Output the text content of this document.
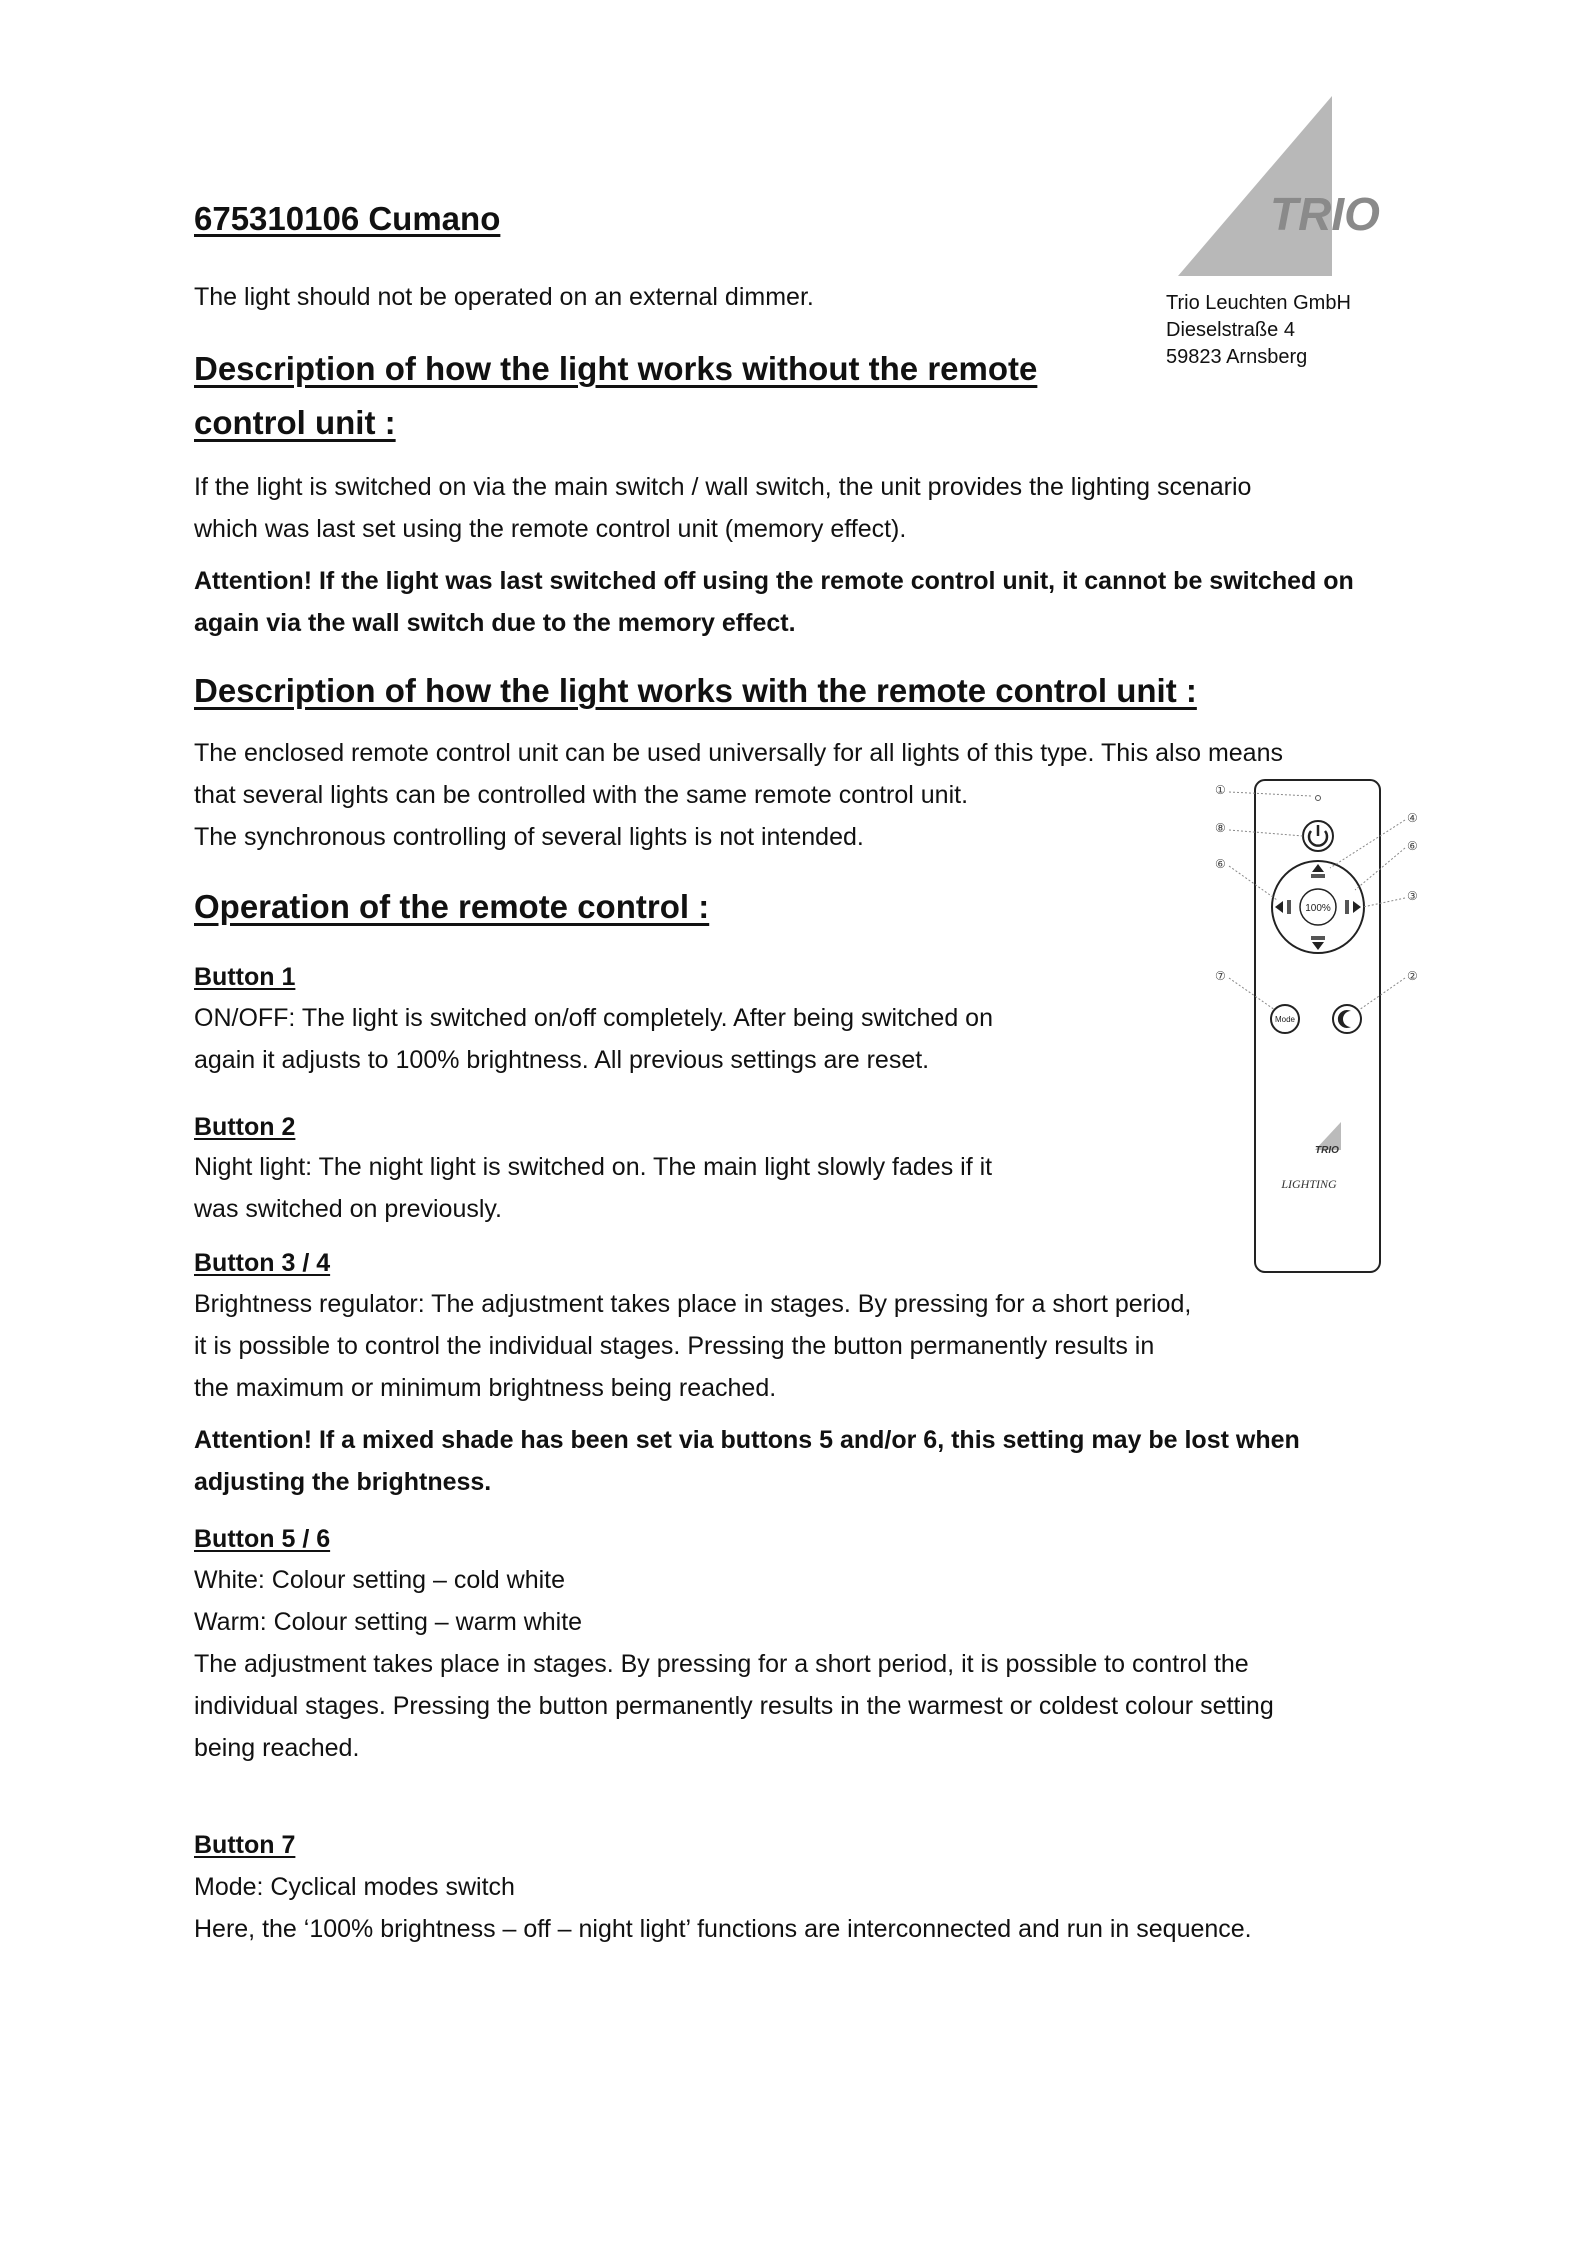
TRIO
Trio Leuchten GmbH
Dieselstraße 4
59823 Arnsberg
675310106 Cumano

The light should not be operated on an external dimmer.

Description of how the light works without the remote
control unit :

If the light is switched on via the main switch / wall switch, the unit provides the lighting scenario

which was last set using the remote control unit (memory effect).

Attention! If the light was last switched off using the remote control unit, it cannot be switched on

again via the wall switch due to the memory effect.

Description of how the light works with the remote control unit :

The enclosed remote control unit can be used universally for all lights of this type. This also means

that several lights can be controlled with the same remote control unit.

The synchronous controlling of several lights is not intended.

Operation of the remote control :
Button 1

ON/OFF: The light is switched on/off completely. After being switched on

again it adjusts to 100% brightness. All previous settings are reset.

Button 2

Night light: The night light is switched on. The main light slowly fades if it

was switched on previously.

Button 3 / 4

Brightness regulator: The adjustment takes place in stages. By pressing for a short period,

it is possible to control the individual stages. Pressing the button permanently results in

the maximum or minimum brightness being reached.

Attention! If a mixed shade has been set via buttons 5 and/or 6, this setting may be lost when

adjusting the brightness.

Button 5 / 6

White: Colour setting – cold white

Warm: Colour setting – warm white

The adjustment takes place in stages. By pressing for a short period, it is possible to control the

individual stages. Pressing the button permanently results in the warmest or coldest colour setting

being reached.

Button 7

Mode: Cyclical modes switch

Here, the ‘100% brightness – off – night light’ functions are interconnected and run in sequence.

100%
Mode
TRIO
LIGHTING
①
⑧
⑥
⑦
④
⑥
③
②
